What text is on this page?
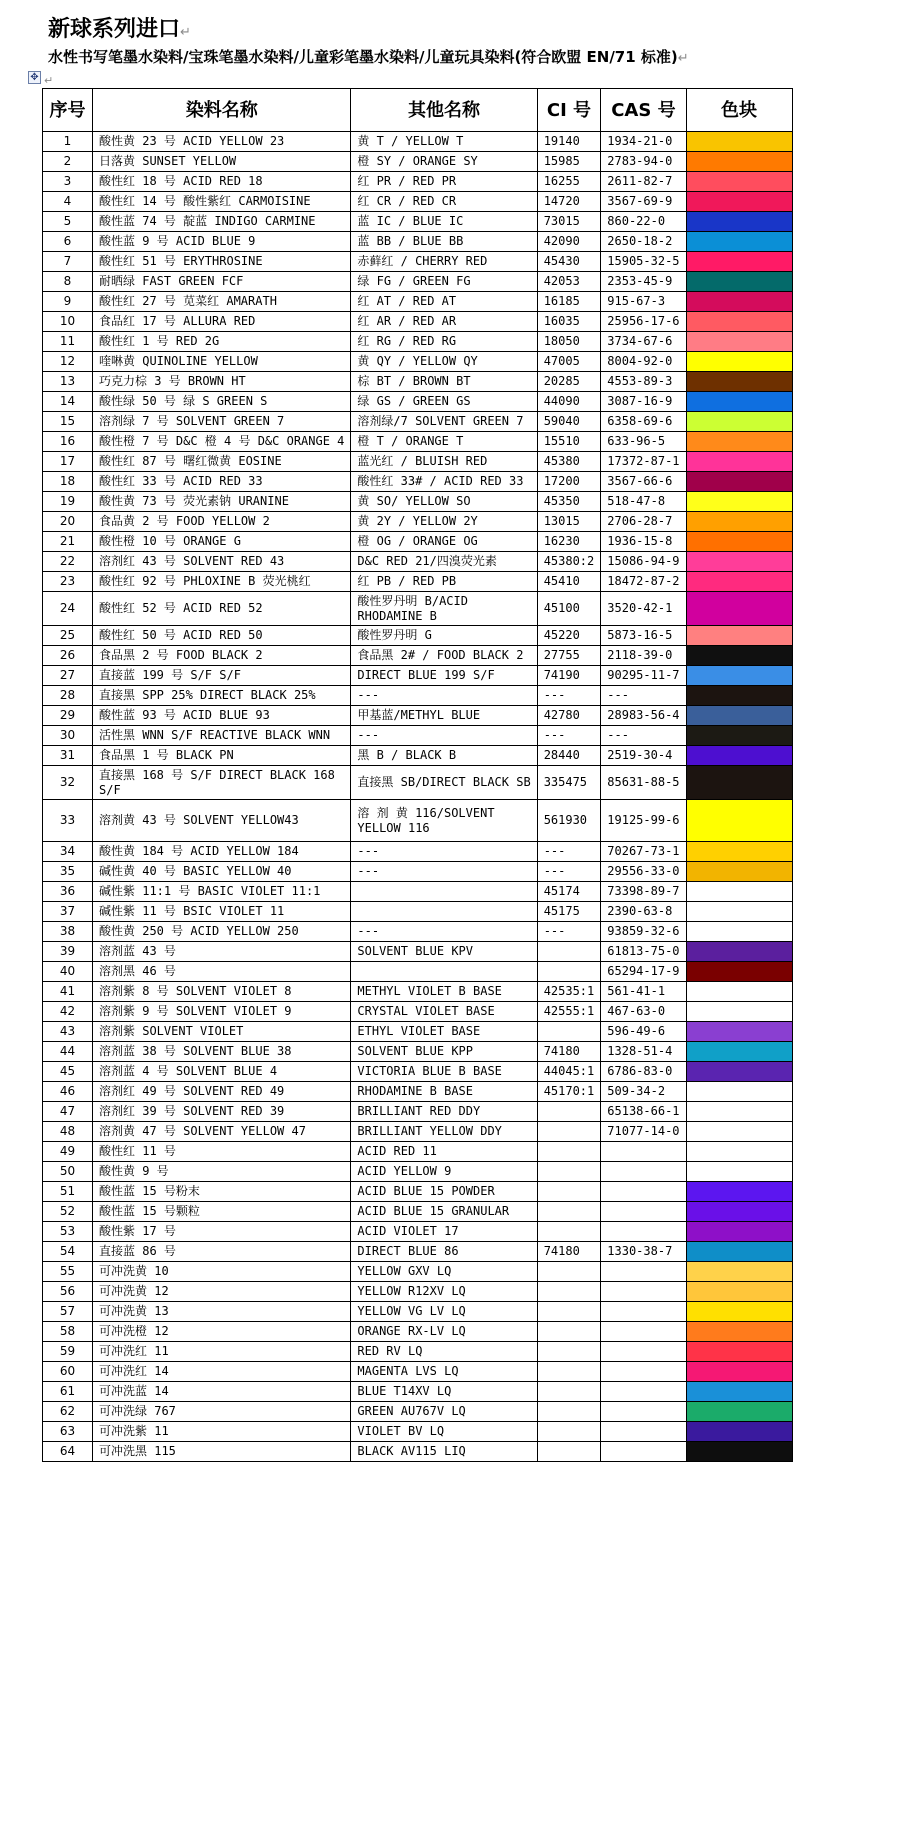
新球系列进口↵
水性书写笔墨水染料/宝珠笔墨水染料/儿童彩笔墨水染料/儿童玩具染料(符合欧盟 EN/71 标准)↵
✥ ↵
序号	染料名称	其他名称	CI 号	CAS 号	色块
1	酸性黄 23 号 ACID YELLOW 23	黄 T / YELLOW T	19140	1934-21-0	
2	日落黄 SUNSET YELLOW	橙 SY / ORANGE SY	15985	2783-94-0	
3	酸性红 18 号 ACID RED 18	红 PR / RED PR	16255	2611-82-7	
4	酸性红 14 号 酸性紫红 CARMOISINE	红 CR / RED CR	14720	3567-69-9	
5	酸性蓝 74 号 靛蓝 INDIGO CARMINE	蓝 IC / BLUE IC	73015	860-22-0	
6	酸性蓝 9 号 ACID BLUE 9	蓝 BB / BLUE BB	42090	2650-18-2	
7	酸性红 51 号 ERYTHROSINE	赤藓红 / CHERRY RED	45430	15905-32-5	
8	耐晒绿 FAST GREEN FCF	绿 FG / GREEN FG	42053	2353-45-9	
9	酸性红 27 号 苋菜红 AMARATH	红 AT / RED AT	16185	915-67-3	
10	食品红 17 号 ALLURA RED	红 AR / RED AR	16035	25956-17-6	
11	酸性红 1 号 RED 2G	红 RG / RED RG	18050	3734-67-6	
12	喹啉黄 QUINOLINE YELLOW	黄 QY / YELLOW QY	47005	8004-92-0	
13	巧克力棕 3 号 BROWN HT	棕 BT / BROWN BT	20285	4553-89-3	
14	酸性绿 50 号 绿 S GREEN S	绿 GS / GREEN GS	44090	3087-16-9	
15	溶剂绿 7 号 SOLVENT GREEN 7	溶剂绿/7 SOLVENT GREEN 7	59040	6358-69-6	
16	酸性橙 7 号 D&C 橙 4 号 D&C ORANGE 4	橙 T / ORANGE T	15510	633-96-5	
17	酸性红 87 号 曙红微黄 EOSINE	蓝光红 / BLUISH RED	45380	17372-87-1	
18	酸性红 33 号 ACID RED 33	酸性红 33# / ACID RED 33	17200	3567-66-6	
19	酸性黄 73 号 荧光素钠 URANINE	黄 SO/ YELLOW SO	45350	518-47-8	
20	食品黄 2 号 FOOD YELLOW 2	黄 2Y / YELLOW 2Y	13015	2706-28-7	
21	酸性橙 10 号 ORANGE G	橙 OG / ORANGE OG	16230	1936-15-8	
22	溶剂红 43 号 SOLVENT RED 43	D&C RED 21/四溴荧光素	45380:2	15086-94-9	
23	酸性红 92 号 PHLOXINE B 荧光桃红	红 PB / RED PB	45410	18472-87-2	
24	酸性红 52 号 ACID RED 52	酸性罗丹明 B/ACID RHODAMINE B	45100	3520-42-1	
25	酸性红 50 号 ACID RED 50	酸性罗丹明 G	45220	5873-16-5	
26	食品黑 2 号 FOOD BLACK 2	食品黑 2# / FOOD BLACK 2	27755	2118-39-0	
27	直接蓝 199 号 S/F S/F	DIRECT BLUE 199 S/F	74190	90295-11-7	
28	直接黑 SPP 25% DIRECT BLACK 25%	---	---	---	
29	酸性蓝 93 号 ACID BLUE 93	甲基蓝/METHYL BLUE	42780	28983-56-4	
30	活性黑 WNN S/F REACTIVE BLACK WNN	---	---	---	
31	食品黑 1 号 BLACK PN	黑 B / BLACK B	28440	2519-30-4	
32	直接黑 168 号 S/F DIRECT BLACK 168 S/F	直接黑 SB/DIRECT BLACK SB	335475	85631-88-5	
33	溶剂黄 43 号 SOLVENT YELLOW43	溶 剂 黄 116/SOLVENT YELLOW 116	561930	19125-99-6	
34	酸性黄 184 号 ACID YELLOW 184	---	---	70267-73-1	
35	碱性黄 40 号 BASIC YELLOW 40	---	---	29556-33-0	
36	碱性紫 11:1 号 BASIC VIOLET 11:1		45174	73398-89-7	
37	碱性紫 11 号 BSIC VIOLET 11		45175	2390-63-8	
38	酸性黄 250 号 ACID YELLOW 250	---	---	93859-32-6	
39	溶剂蓝 43 号	SOLVENT BLUE KPV		61813-75-0	
40	溶剂黑 46 号			65294-17-9	
41	溶剂紫 8 号 SOLVENT VIOLET 8	METHYL VIOLET B BASE	42535:1	561-41-1	
42	溶剂紫 9 号 SOLVENT VIOLET 9	CRYSTAL VIOLET BASE	42555:1	467-63-0	
43	溶剂紫 SOLVENT VIOLET	ETHYL VIOLET BASE		596-49-6	
44	溶剂蓝 38 号 SOLVENT BLUE 38	SOLVENT BLUE KPP	74180	1328-51-4	
45	溶剂蓝 4 号 SOLVENT BLUE 4	VICTORIA BLUE B BASE	44045:1	6786-83-0	
46	溶剂红 49 号 SOLVENT RED 49	RHODAMINE B BASE	45170:1	509-34-2	
47	溶剂红 39 号 SOLVENT RED 39	BRILLIANT RED DDY		65138-66-1	
48	溶剂黄 47 号 SOLVENT YELLOW 47	BRILLIANT YELLOW DDY		71077-14-0	
49	酸性红 11 号	ACID RED 11			
50	酸性黄 9 号	ACID YELLOW 9			
51	酸性蓝 15 号粉末	ACID BLUE 15 POWDER			
52	酸性蓝 15 号颗粒	ACID BLUE 15 GRANULAR			
53	酸性紫 17 号	ACID VIOLET 17			
54	直接蓝 86 号	DIRECT BLUE 86	74180	1330-38-7	
55	可冲洗黄 10	YELLOW GXV LQ			
56	可冲洗黄 12	YELLOW R12XV LQ			
57	可冲洗黄 13	YELLOW VG LV LQ			
58	可冲洗橙 12	ORANGE RX-LV LQ			
59	可冲洗红 11	RED RV LQ			
60	可冲洗红 14	MAGENTA LVS LQ			
61	可冲洗蓝 14	BLUE T14XV LQ			
62	可冲洗绿 767	GREEN AU767V LQ			
63	可冲洗紫 11	VIOLET BV LQ			
64	可冲洗黑 115	BLACK AV115 LIQ			
